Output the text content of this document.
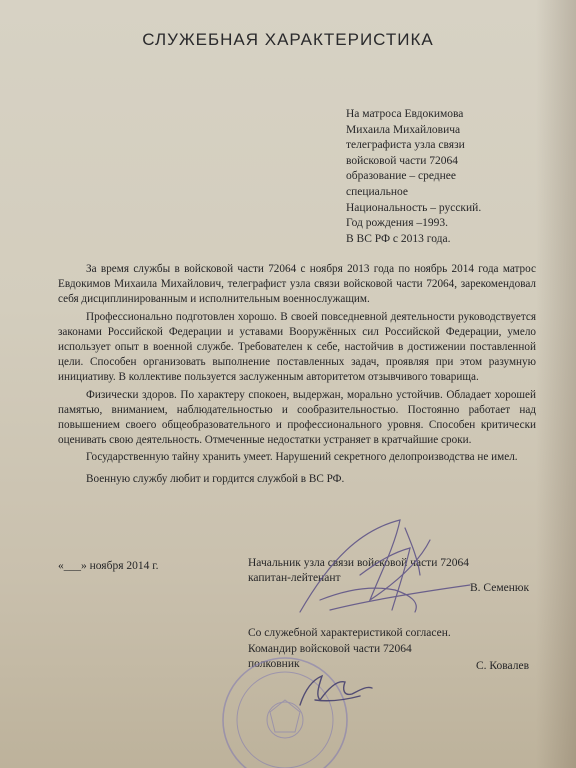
СЛУЖЕБНАЯ ХАРАКТЕРИСТИКА
На матроса Евдокимова
Михаила Михайловича
телеграфиста узла связи
войсковой части 72064
образование – среднее
специальное
Национальность – русский.
Год рождения –1993.
В ВС РФ с 2013 года.

За время службы в войсковой части 72064 с ноября 2013 года по ноябрь 2014 года матрос Евдокимов Михаила Михайлович, телеграфист узла связи войсковой части 72064, зарекомендовал себя дисциплинированным и исполнительным военнослужащим.

Профессионально подготовлен хорошо. В своей повседневной деятельности руководствуется законами Российской Федерации и уставами Вооружённых сил Российской Федерации, умело использует опыт в военной службе. Требователен к себе, настойчив в достижении поставленной цели. Способен организовать выполнение поставленных задач, проявляя при этом разумную инициативу. В коллективе пользуется заслуженным авторитетом отзывчивого товарища.

Физически здоров. По характеру спокоен, выдержан, морально устойчив. Обладает хорошей памятью, вниманием, наблюдательностью и сообразительностью. Постоянно работает над повышением своего общеобразовательного и профессионального уровня. Способен критически оценивать свою деятельность. Отмеченные недостатки устраняет в кратчайшие сроки.

Государственную тайну хранить умеет. Нарушений секретного делопроизводства не имел.

Военную службу любит и гордится службой в ВС РФ.

«___» ноября 2014 г.	Начальник узла связи войсковой части 72064
капитан-лейтенант
В. Семенюк
Со служебной характеристикой согласен.
Командир войсковой части 72064
полковник	С. Ковалев
